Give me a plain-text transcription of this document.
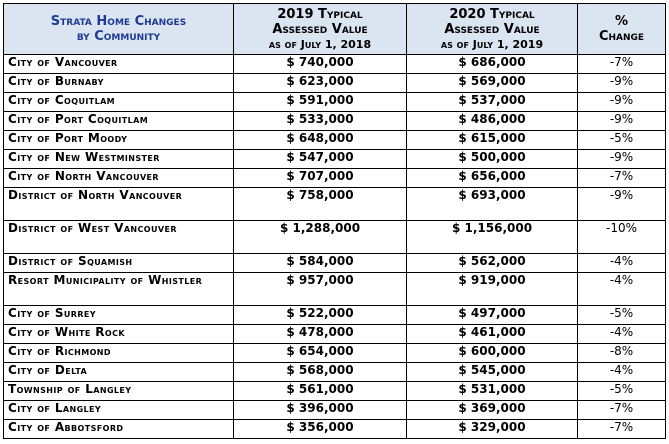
Strata Home Changes
by Community	2019 Typical
Assessed Value
as of July 1, 2018	2020 Typical
Assessed Value
as of July 1, 2019	%
Change

City of Vancouver	$ 740,000	$ 686,000	-7%
City of Burnaby	$ 623,000	$ 569,000	-9%
City of Coquitlam	$ 591,000	$ 537,000	-9%
City of Port Coquitlam	$ 533,000	$ 486,000	-9%
City of Port Moody	$ 648,000	$ 615,000	-5%
City of New Westminster	$ 547,000	$ 500,000	-9%
City of North Vancouver	$ 707,000	$ 656,000	-7%
District of North Vancouver	$ 758,000	$ 693,000	-9%
District of West Vancouver	$ 1,288,000	$ 1,156,000	-10%
District of Squamish	$ 584,000	$ 562,000	-4%
Resort Municipality of Whistler	$ 957,000	$ 919,000	-4%
City of Surrey	$ 522,000	$ 497,000	-5%
City of White Rock	$ 478,000	$ 461,000	-4%
City of Richmond	$ 654,000	$ 600,000	-8%
City of Delta	$ 568,000	$ 545,000	-4%
Township of Langley	$ 561,000	$ 531,000	-5%
City of Langley	$ 396,000	$ 369,000	-7%
City of Abbotsford	$ 356,000	$ 329,000	-7%
